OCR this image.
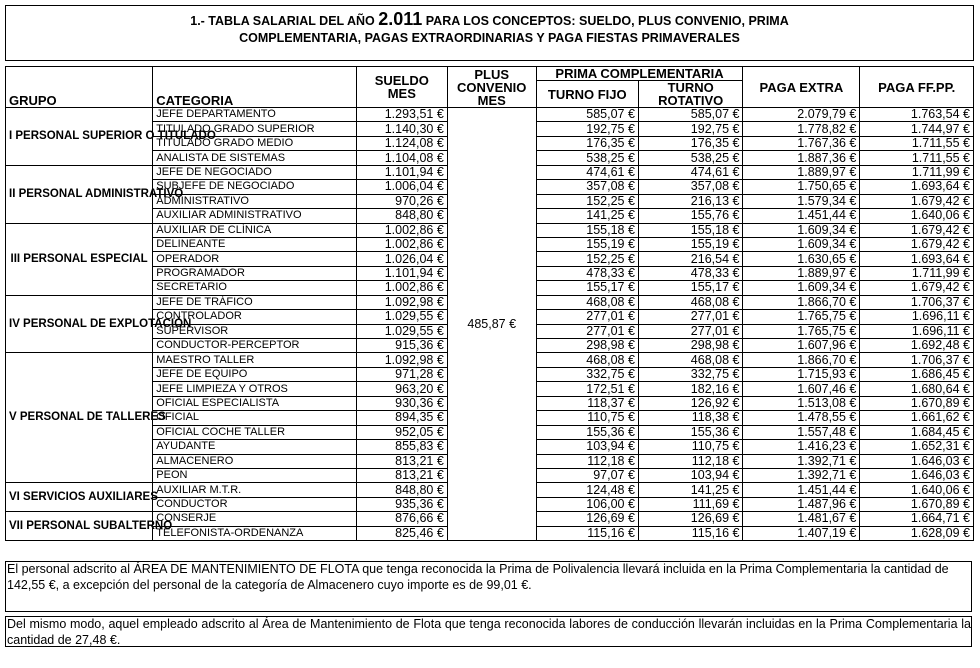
1.- TABLA SALARIAL DEL AÑO 2.011 PARA LOS CONCEPTOS: SUELDO, PLUS CONVENIO, PRIMA
COMPLEMENTARIA, PAGAS EXTRAORDINARIAS Y PAGA FIESTAS PRIMAVERALES
GRUPO	CATEGORIA	SUELDO MES	PLUS CONVENIO MES	PRIMA COMPLEMENTARIA		PAGA EXTRA	PAGA FF.PP.
				TURNO FIJO	TURNO ROTATIVO		
I PERSONAL SUPERIOR O TITULADO	JEFE DEPARTAMENTO	1.293,51 €	485,87 €	585,07 €	585,07 €	2.079,79 €	1.763,54 €
	TITULADO GRADO SUPERIOR	1.140,30 €		192,75 €	192,75 €	1.778,82 €	1.744,97 €
	TITULADO GRADO MEDIO	1.124,08 €		176,35 €	176,35 €	1.767,36 €	1.711,55 €
	ANALISTA DE SISTEMAS	1.104,08 €		538,25 €	538,25 €	1.887,36 €	1.711,55 €
II PERSONAL ADMINISTRATIVO	JEFE DE NEGOCIADO	1.101,94 €		474,61 €	474,61 €	1.889,97 €	1.711,99 €
	SUBJEFE DE NEGOCIADO	1.006,04 €		357,08 €	357,08 €	1.750,65 €	1.693,64 €
	ADMINISTRATIVO	970,26 €		152,25 €	216,13 €	1.579,34 €	1.679,42 €
	AUXILIAR ADMINISTRATIVO	848,80 €		141,25 €	155,76 €	1.451,44 €	1.640,06 €
III PERSONAL ESPECIAL	AUXILIAR DE CLÍNICA	1.002,86 €		155,18 €	155,18 €	1.609,34 €	1.679,42 €
	DELINEANTE	1.002,86 €		155,19 €	155,19 €	1.609,34 €	1.679,42 €
	OPERADOR	1.026,04 €		152,25 €	216,54 €	1.630,65 €	1.693,64 €
	PROGRAMADOR	1.101,94 €		478,33 €	478,33 €	1.889,97 €	1.711,99 €
	SECRETARIO	1.002,86 €		155,17 €	155,17 €	1.609,34 €	1.679,42 €
IV PERSONAL DE EXPLOTACIÓN	JEFE DE TRÁFICO	1.092,98 €		468,08 €	468,08 €	1.866,70 €	1.706,37 €
	CONTROLADOR	1.029,55 €		277,01 €	277,01 €	1.765,75 €	1.696,11 €
	SUPERVISOR	1.029,55 €		277,01 €	277,01 €	1.765,75 €	1.696,11 €
	CONDUCTOR-PERCEPTOR	915,36 €		298,98 €	298,98 €	1.607,96 €	1.692,48 €
V PERSONAL DE TALLERES	MAESTRO TALLER	1.092,98 €		468,08 €	468,08 €	1.866,70 €	1.706,37 €
	JEFE DE EQUIPO	971,28 €		332,75 €	332,75 €	1.715,93 €	1.686,45 €
	JEFE LIMPIEZA Y OTROS	963,20 €		172,51 €	182,16 €	1.607,46 €	1.680,64 €
	OFICIAL ESPECIALISTA	930,36 €		118,37 €	126,92 €	1.513,08 €	1.670,89 €
	OFICIAL	894,35 €		110,75 €	118,38 €	1.478,55 €	1.661,62 €
	OFICIAL COCHE TALLER	952,05 €		155,36 €	155,36 €	1.557,48 €	1.684,45 €
	AYUDANTE	855,83 €		103,94 €	110,75 €	1.416,23 €	1.652,31 €
	ALMACENERO	813,21 €		112,18 €	112,18 €	1.392,71 €	1.646,03 €
	PEON	813,21 €		97,07 €	103,94 €	1.392,71 €	1.646,03 €
VI SERVICIOS AUXILIARES	AUXILIAR M.T.R.	848,80 €		124,48 €	141,25 €	1.451,44 €	1.640,06 €
	CONDUCTOR	935,36 €		106,00 €	111,69 €	1.487,96 €	1.670,89 €
VII PERSONAL SUBALTERNO	CONSERJE	876,66 €		126,69 €	126,69 €	1.481,67 €	1.664,71 €
	TELEFONISTA-ORDENANZA	825,46 €		115,16 €	115,16 €	1.407,19 €	1.628,09 €
El personal adscrito al ÁREA DE MANTENIMIENTO DE FLOTA que tenga reconocida la Prima de Polivalencia llevará incluida en la Prima Complementaria la cantidad de 142,55 €, a excepción del personal de la categoría de Almacenero cuyo importe es de 99,01 €.
Del mismo modo, aquel empleado adscrito al Área de Mantenimiento de Flota que tenga reconocida labores de conducción llevarán incluidas en la Prima Complementaria la cantidad de 27,48 €.
